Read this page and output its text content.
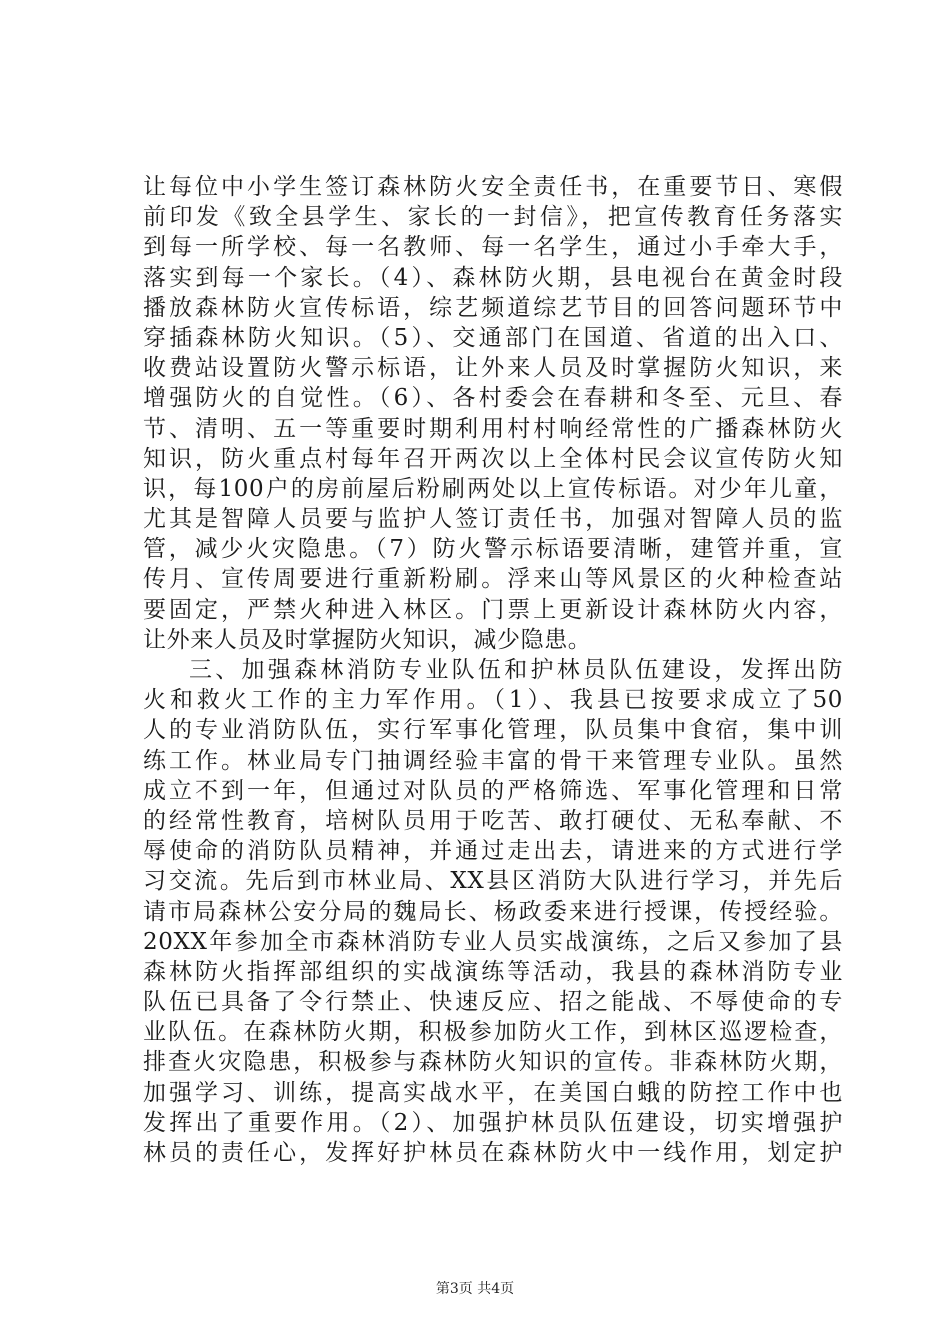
让每位中小学生签订森林防火安全责任书，在重要节日、寒假
前印发《致全县学生、家长的一封信》，把宣传教育任务落实
到每一所学校、每一名教师、每一名学生，通过小手牵大手，
落实到每一个家长。（4）、森林防火期，县电视台在黄金时段
播放森林防火宣传标语，综艺频道综艺节目的回答问题环节中
穿插森林防火知识。（5）、交通部门在国道、省道的出入口、
收费站设置防火警示标语，让外来人员及时掌握防火知识，来
增强防火的自觉性。（6）、各村委会在春耕和冬至、元旦、春
节、清明、五一等重要时期利用村村响经常性的广播森林防火
知识，防火重点村每年召开两次以上全体村民会议宣传防火知
识，每100户的房前屋后粉刷两处以上宣传标语。对少年儿童，
尤其是智障人员要与监护人签订责任书，加强对智障人员的监
管，减少火灾隐患。（7）防火警示标语要清晰，建管并重，宣
传月、宣传周要进行重新粉刷。浮来山等风景区的火种检查站
要固定，严禁火种进入林区。门票上更新设计森林防火内容，
让外来人员及时掌握防火知识，减少隐患。
三、加强森林消防专业队伍和护林员队伍建设，发挥出防
火和救火工作的主力军作用。（1）、我县已按要求成立了50
人的专业消防队伍，实行军事化管理，队员集中食宿，集中训
练工作。林业局专门抽调经验丰富的骨干来管理专业队。虽然
成立不到一年，但通过对队员的严格筛选、军事化管理和日常
的经常性教育，培树队员用于吃苦、敢打硬仗、无私奉献、不
辱使命的消防队员精神，并通过走出去，请进来的方式进行学
习交流。先后到市林业局、XX县区消防大队进行学习，并先后
请市局森林公安分局的魏局长、杨政委来进行授课，传授经验。
20XX年参加全市森林消防专业人员实战演练，之后又参加了县
森林防火指挥部组织的实战演练等活动，我县的森林消防专业
队伍已具备了令行禁止、快速反应、招之能战、不辱使命的专
业队伍。在森林防火期，积极参加防火工作，到林区巡逻检查，
排查火灾隐患，积极参与森林防火知识的宣传。非森林防火期，
加强学习、训练，提高实战水平，在美国白蛾的防控工作中也
发挥出了重要作用。（2）、加强护林员队伍建设，切实增强护
林员的责任心，发挥好护林员在森林防火中一线作用，划定护
第3页 共4页
